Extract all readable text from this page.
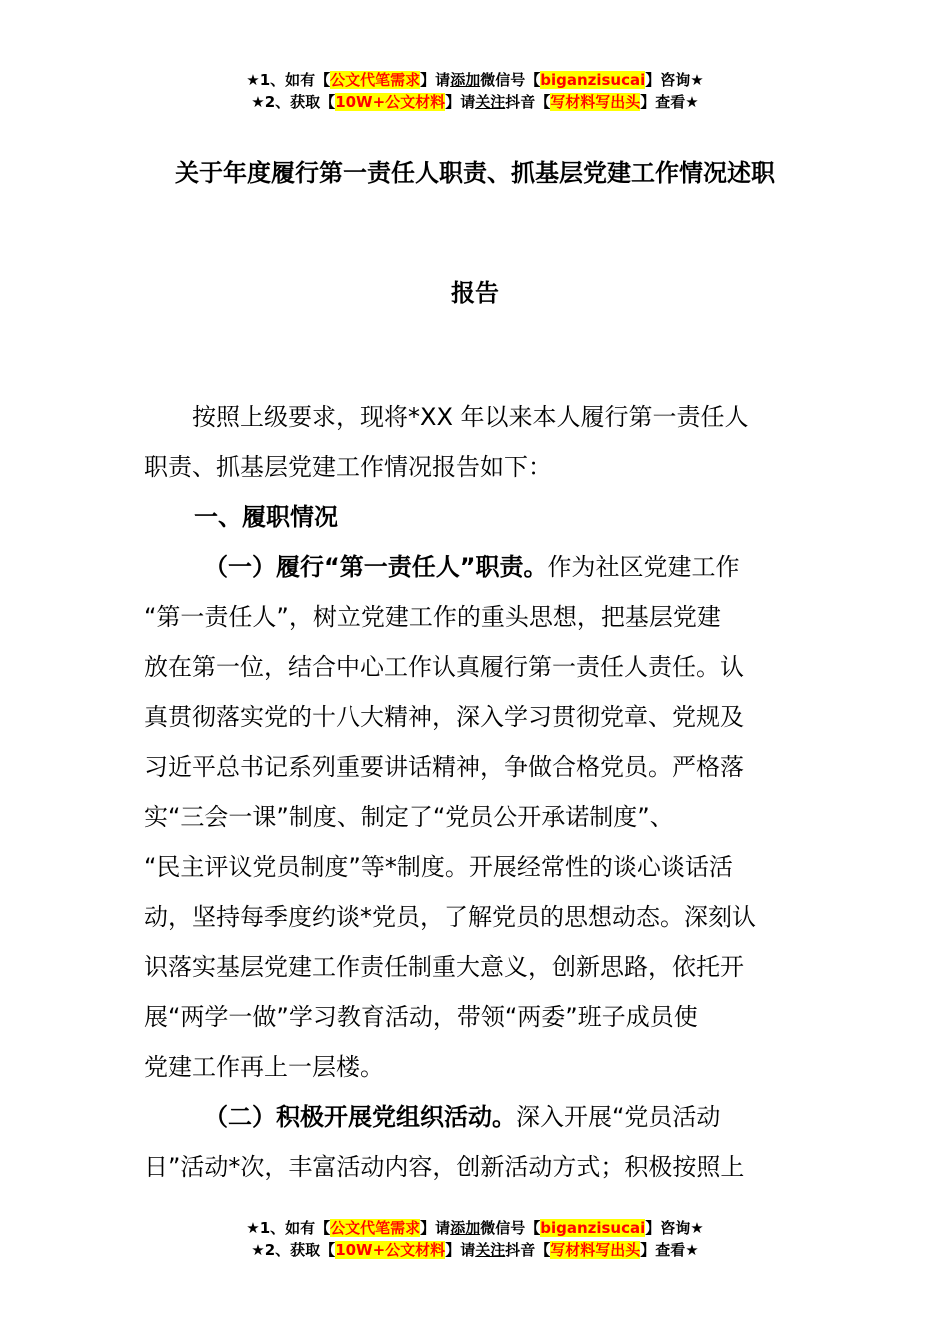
★1、如有【公文代笔需求】请添加微信号【biganzisucai】咨询★
★2、获取【10W+公文材料】请关注抖音【写材料写出头】查看★
关于年度履行第一责任人职责、抓基层党建工作情况述职
报告
按照上级要求，现将*XX 年以来本人履行第一责任人
职责、抓基层党建工作情况报告如下：
一、履职情况
（一）履行“第一责任人”职责。作为社区党建工作
“第一责任人”，树立党建工作的重头思想，把基层党建
放在第一位，结合中心工作认真履行第一责任人责任。认
真贯彻落实党的十八大精神，深入学习贯彻党章、党规及
习近平总书记系列重要讲话精神，争做合格党员。严格落
实“三会一课”制度、制定了“党员公开承诺制度”、
“民主评议党员制度”等*制度。开展经常性的谈心谈话活
动，坚持每季度约谈*党员，了解党员的思想动态。深刻认
识落实基层党建工作责任制重大意义，创新思路，依托开
展“两学一做”学习教育活动，带领“两委”班子成员使
党建工作再上一层楼。
（二）积极开展党组织活动。深入开展“党员活动
日”活动*次，丰富活动内容，创新活动方式；积极按照上
★1、如有【公文代笔需求】请添加微信号【biganzisucai】咨询★
★2、获取【10W+公文材料】请关注抖音【写材料写出头】查看★
